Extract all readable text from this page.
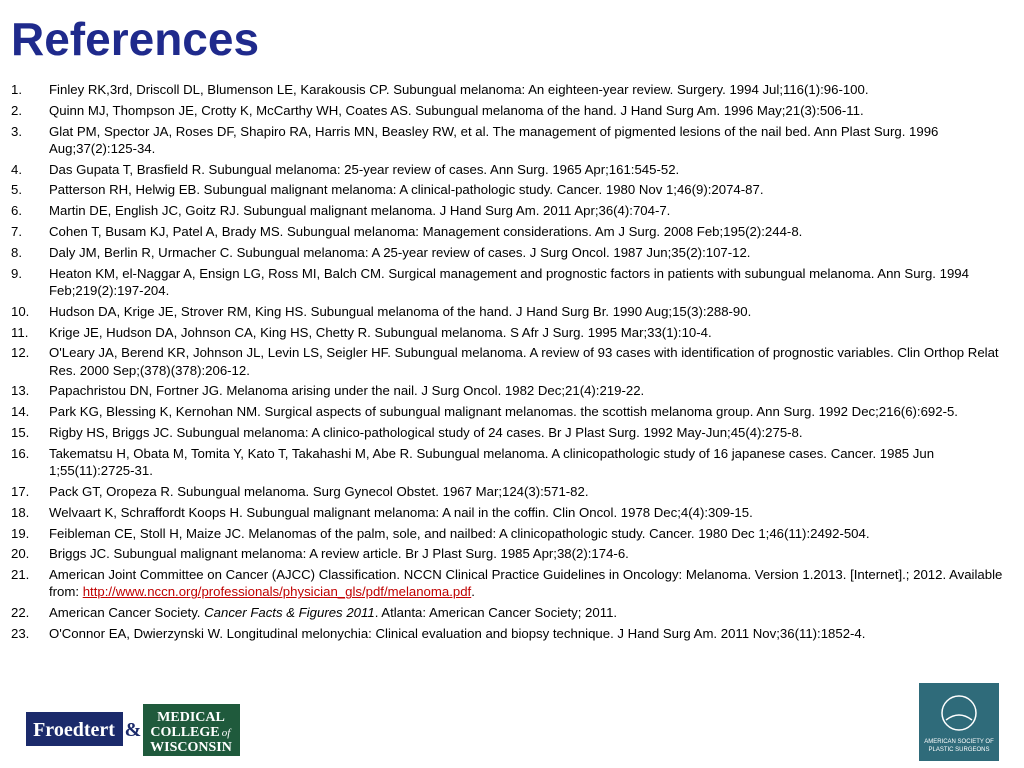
References
1. Finley RK,3rd, Driscoll DL, Blumenson LE, Karakousis CP. Subungual melanoma: An eighteen-year review. Surgery. 1994 Jul;116(1):96-100.
2. Quinn MJ, Thompson JE, Crotty K, McCarthy WH, Coates AS. Subungual melanoma of the hand. J Hand Surg Am. 1996 May;21(3):506-11.
3. Glat PM, Spector JA, Roses DF, Shapiro RA, Harris MN, Beasley RW, et al. The management of pigmented lesions of the nail bed. Ann Plast Surg. 1996 Aug;37(2):125-34.
4. Das Gupata T, Brasfield R. Subungual melanoma: 25-year review of cases. Ann Surg. 1965 Apr;161:545-52.
5. Patterson RH, Helwig EB. Subungual malignant melanoma: A clinical-pathologic study. Cancer. 1980 Nov 1;46(9):2074-87.
6. Martin DE, English JC, Goitz RJ. Subungual malignant melanoma. J Hand Surg Am. 2011 Apr;36(4):704-7.
7. Cohen T, Busam KJ, Patel A, Brady MS. Subungual melanoma: Management considerations. Am J Surg. 2008 Feb;195(2):244-8.
8. Daly JM, Berlin R, Urmacher C. Subungual melanoma: A 25-year review of cases. J Surg Oncol. 1987 Jun;35(2):107-12.
9. Heaton KM, el-Naggar A, Ensign LG, Ross MI, Balch CM. Surgical management and prognostic factors in patients with subungual melanoma. Ann Surg. 1994 Feb;219(2):197-204.
10. Hudson DA, Krige JE, Strover RM, King HS. Subungual melanoma of the hand. J Hand Surg Br. 1990 Aug;15(3):288-90.
11. Krige JE, Hudson DA, Johnson CA, King HS, Chetty R. Subungual melanoma. S Afr J Surg. 1995 Mar;33(1):10-4.
12. O'Leary JA, Berend KR, Johnson JL, Levin LS, Seigler HF. Subungual melanoma. A review of 93 cases with identification of prognostic variables. Clin Orthop Relat Res. 2000 Sep;(378)(378):206-12.
13. Papachristou DN, Fortner JG. Melanoma arising under the nail. J Surg Oncol. 1982 Dec;21(4):219-22.
14. Park KG, Blessing K, Kernohan NM. Surgical aspects of subungual malignant melanomas. the scottish melanoma group. Ann Surg. 1992 Dec;216(6):692-5.
15. Rigby HS, Briggs JC. Subungual melanoma: A clinico-pathological study of 24 cases. Br J Plast Surg. 1992 May-Jun;45(4):275-8.
16. Takematsu H, Obata M, Tomita Y, Kato T, Takahashi M, Abe R. Subungual melanoma. A clinicopathologic study of 16 japanese cases. Cancer. 1985 Jun 1;55(11):2725-31.
17. Pack GT, Oropeza R. Subungual melanoma. Surg Gynecol Obstet. 1967 Mar;124(3):571-82.
18. Welvaart K, Schraffordt Koops H. Subungual malignant melanoma: A nail in the coffin. Clin Oncol. 1978 Dec;4(4):309-15.
19. Feibleman CE, Stoll H, Maize JC. Melanomas of the palm, sole, and nailbed: A clinicopathologic study. Cancer. 1980 Dec 1;46(11):2492-504.
20. Briggs JC. Subungual malignant melanoma: A review article. Br J Plast Surg. 1985 Apr;38(2):174-6.
21. American Joint Committee on Cancer (AJCC) Classification. NCCN Clinical Practice Guidelines in Oncology: Melanoma. Version 1.2013. [Internet].; 2012. Available from: http://www.nccn.org/professionals/physician_gls/pdf/melanoma.pdf.
22. American Cancer Society. Cancer Facts & Figures 2011. Atlanta: American Cancer Society; 2011.
23. O'Connor EA, Dwierzynski W. Longitudinal melonychia: Clinical evaluation and biopsy technique. J Hand Surg Am. 2011 Nov;36(11):1852-4.
Froedtert &
MEDICAL
COLLEGE of
WISCONSIN	AMERICAN SOCIETY OF
PLASTIC SURGEONS
